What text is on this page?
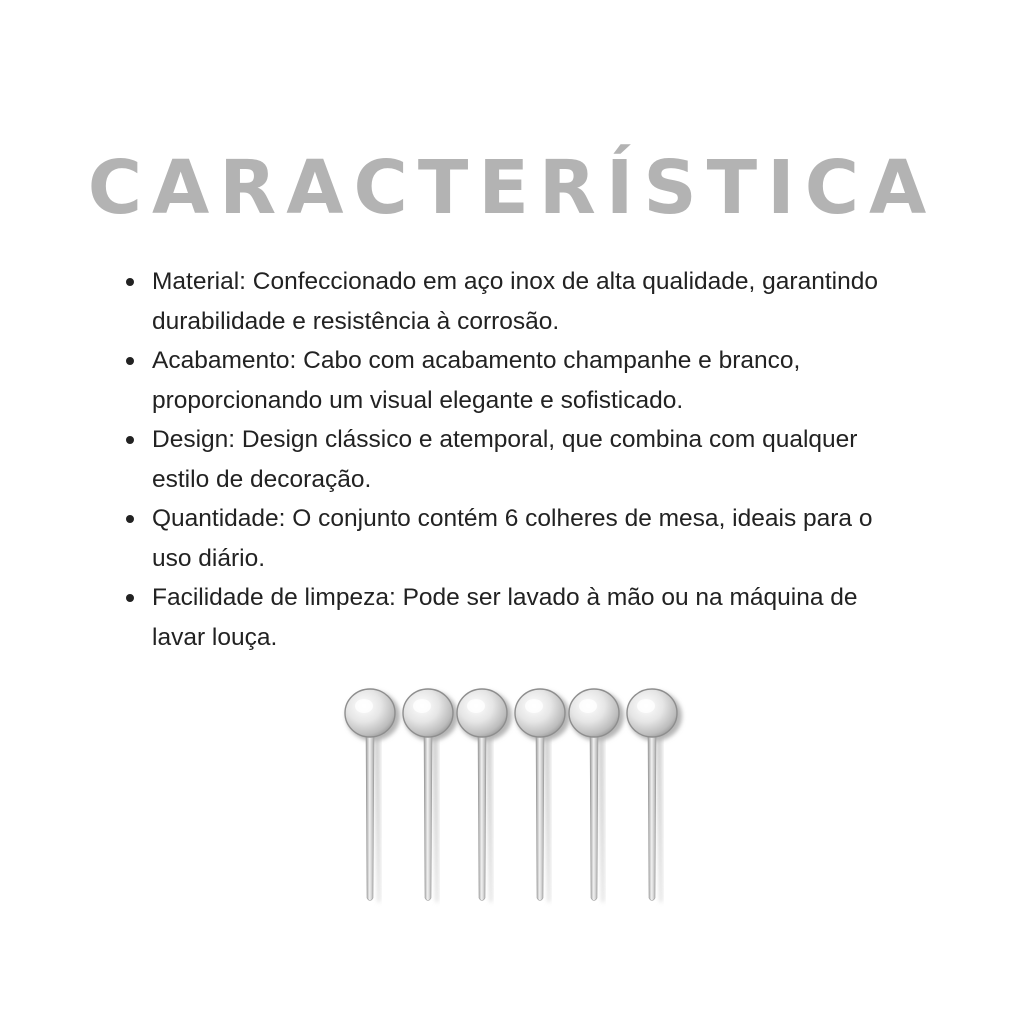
CARACTERÍSTICA
Material: Confeccionado em aço inox de alta qualidade, garantindo durabilidade e resistência à corrosão.
Acabamento: Cabo com acabamento champanhe e branco, proporcionando um visual elegante e sofisticado.
Design: Design clássico e atemporal, que combina com qualquer estilo de decoração.
Quantidade: O conjunto contém 6 colheres de mesa, ideais para o uso diário.
Facilidade de limpeza: Pode ser lavado à mão ou na máquina de lavar louça.
